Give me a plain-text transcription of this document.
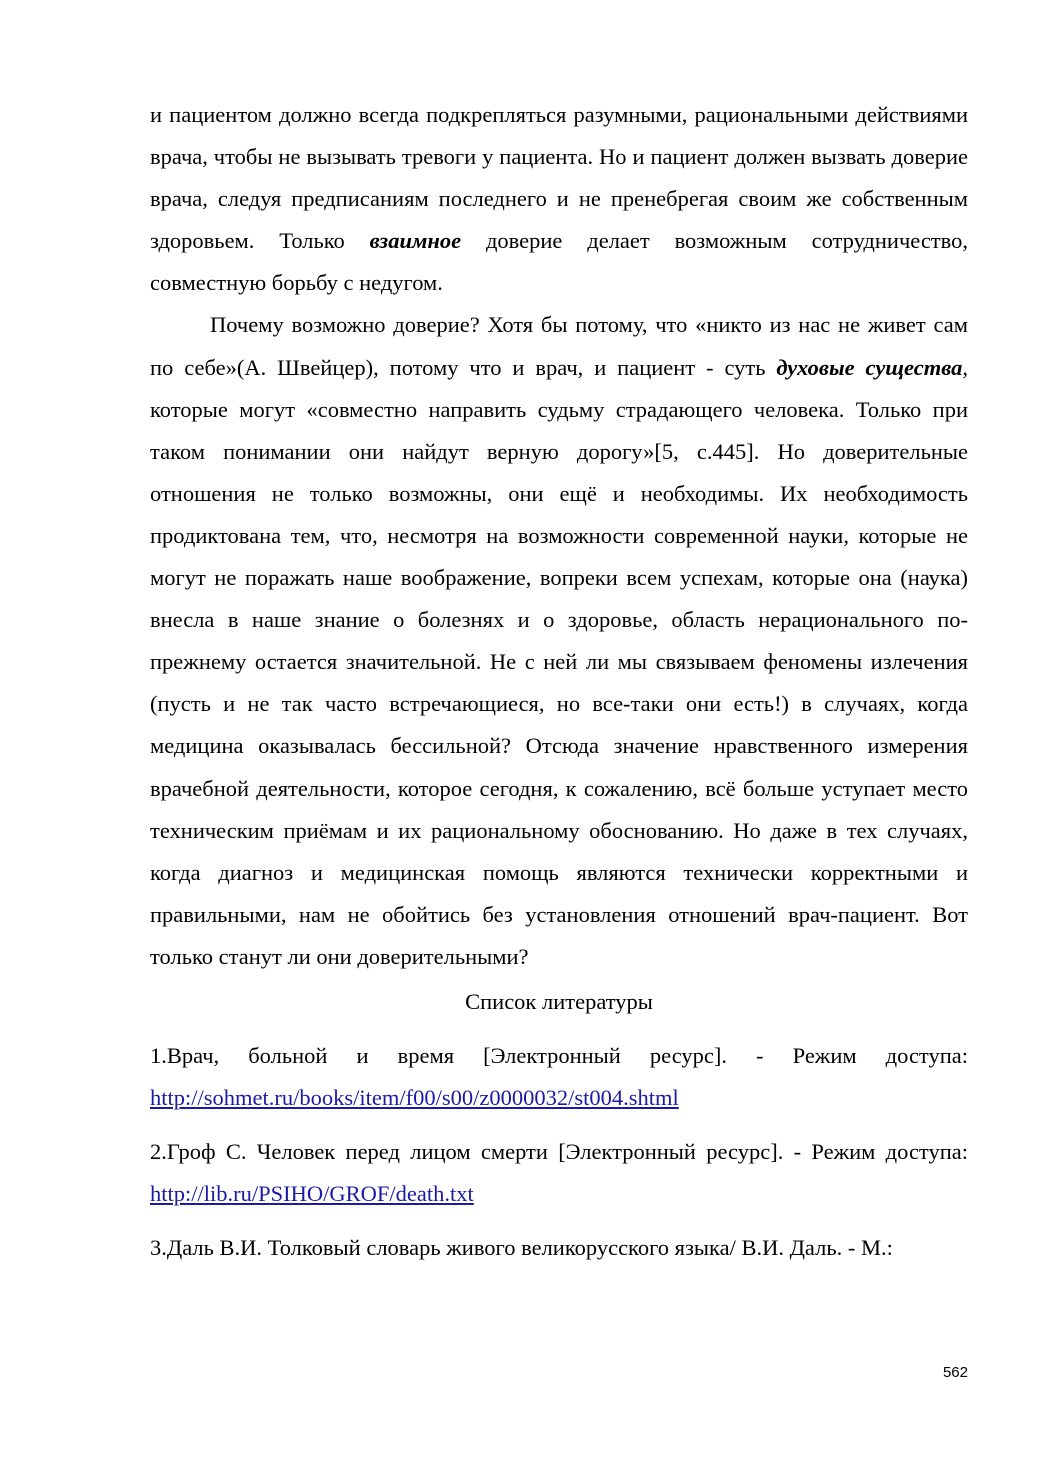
и пациентом должно всегда подкрепляться разумными, рациональными действиями врача, чтобы не вызывать тревоги у пациента. Но и пациент должен вызвать доверие врача, следуя предписаниям последнего и не пренебрегая своим же собственным здоровьем. Только взаимное доверие делает возможным сотрудничество, совместную борьбу с недугом.

Почему возможно доверие? Хотя бы потому, что «никто из нас не живет сам по себе»(А. Швейцер), потому что и врач, и пациент - суть духовые существа, которые могут «совместно направить судьму страдающего человека. Только при таком понимании они найдут верную дорогу»[5, с.445]. Но доверительные отношения не только возможны, они ещё и необходимы. Их необходимость продиктована тем, что, несмотря на возможности современной науки, которые не могут не поражать наше воображение, вопреки всем успехам, которые она (наука) внесла в наше знание о болезнях и о здоровье, область нерационального по-прежнему остается значительной. Не с ней ли мы связываем феномены излечения (пусть и не так часто встречающиеся, но все-таки они есть!) в случаях, когда медицина оказывалась бессильной? Отсюда значение нравственного измерения врачебной деятельности, которое сегодня, к сожалению, всё больше уступает место техническим приёмам и их рациональному обоснованию. Но даже в тех случаях, когда диагноз и медицинская помощь являются технически корректными и правильными, нам не обойтись без установления отношений врач-пациент. Вот только станут ли они доверительными?

Список литературы

1.Врач, больной и время [Электронный ресурс]. - Режим доступа: http://sohmet.ru/books/item/f00/s00/z0000032/st004.shtml

2.Гроф С. Человек перед лицом смерти [Электронный ресурс]. - Режим доступа: http://lib.ru/PSIHO/GROF/death.txt

3.Даль В.И. Толковый словарь живого великорусского языка/ В.И. Даль. - М.:

562
